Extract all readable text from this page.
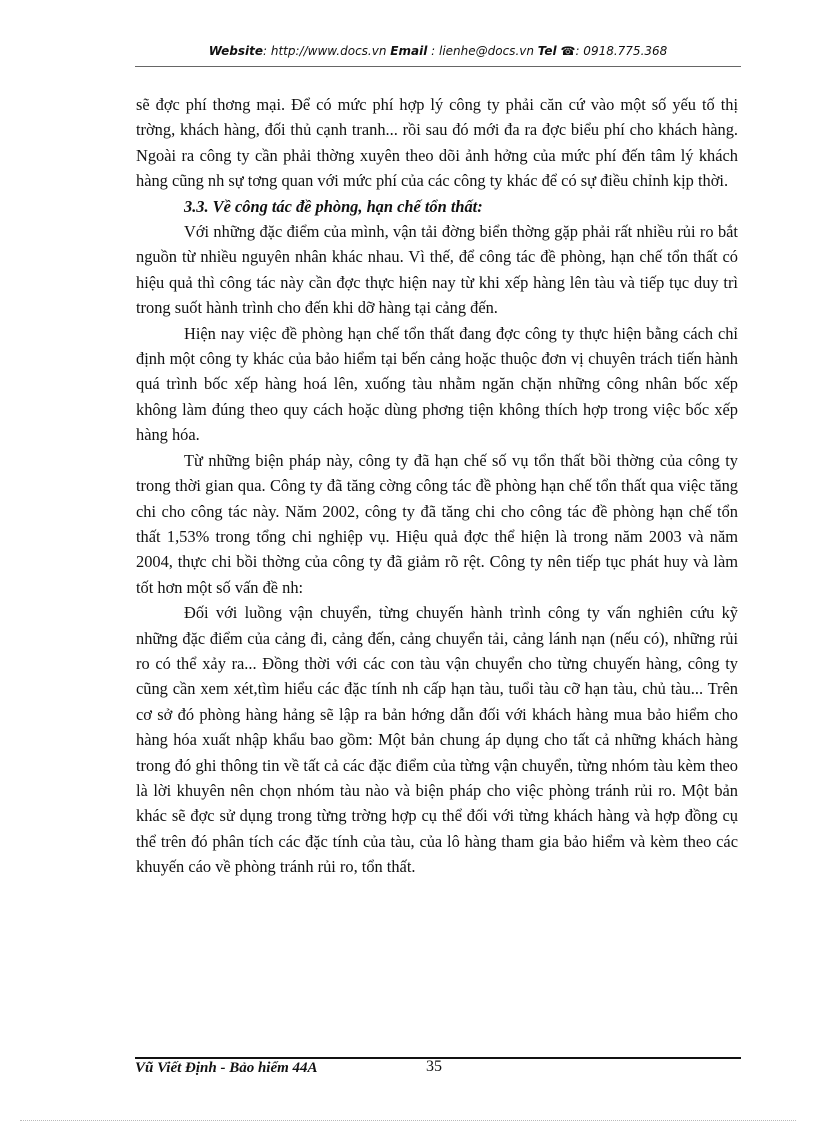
Website: http://www.docs.vn Email : lienhe@docs.vn Tel ☎: 0918.775.368

sẽ đợc phí thơng mại. Để có mức phí hợp lý công ty phải căn cứ vào một số yếu tố thị trờng, khách hàng, đối thủ cạnh tranh... rồi sau đó mới đa ra đợc biểu phí cho khách hàng. Ngoài ra công ty cần phải thờng xuyên theo dõi ảnh hởng của mức phí đến tâm lý khách hàng cũng nh sự tơng quan với mức phí của các công ty khác để có sự điều chỉnh kịp thời.

3.3. Về công tác đề phòng, hạn chế tổn thất:

Với những đặc điểm của mình, vận tải đờng biển thờng gặp phải rất nhiều rủi ro bắt nguồn từ nhiều nguyên nhân khác nhau. Vì thế, để công tác đề phòng, hạn chế tổn thất có hiệu quả thì công tác này cần đợc thực hiện nay từ khi xếp hàng lên tàu và tiếp tục duy trì trong suốt hành trình cho đến khi dỡ hàng tại cảng đến.

Hiện nay việc đề phòng hạn chế tổn thất đang đợc công ty thực hiện bằng cách chỉ định một công ty khác của bảo hiểm tại bến cảng hoặc thuộc đơn vị chuyên trách tiến hành quá trình bốc xếp hàng hoá lên, xuống tàu nhằm ngăn chặn những công nhân bốc xếp không làm đúng theo quy cách hoặc dùng phơng tiện không thích hợp trong việc bốc xếp hàng hóa.

Từ những biện pháp này, công ty đã hạn chế số vụ tổn thất bồi thờng của công ty trong thời gian qua. Công ty đã tăng cờng công tác đề phòng hạn chế tổn thất qua việc tăng chi cho công tác này. Năm 2002, công ty đã tăng chi cho công tác đề phòng hạn chế tổn thất 1,53% trong tổng chi nghiệp vụ. Hiệu quả đợc thể hiện là trong năm 2003 và năm 2004, thực chi bồi thờng của công ty đã giảm rõ rệt. Công ty nên tiếp tục phát huy và làm tốt hơn một số vấn đề nh:

Đối với luồng vận chuyển, từng chuyến hành trình công ty vấn nghiên cứu kỹ những đặc điểm của cảng đi, cảng đến, cảng chuyển tải, cảng lánh nạn (nếu có), những rủi ro có thể xảy ra... Đồng thời với các con tàu vận chuyển cho từng chuyến hàng, công ty cũng cần xem xét,tìm hiểu các đặc tính nh cấp hạn tàu, tuổi tàu cỡ hạn tàu, chủ tàu... Trên cơ sở đó phòng hàng hảng sẽ lập ra bản hớng dẫn đối với khách hàng mua bảo hiểm cho hàng hóa xuất nhập khẩu bao gồm: Một bản chung áp dụng cho tất cả những khách hàng trong đó ghi thông tin về tất cả các đặc điểm của từng vận chuyển, từng nhóm tàu kèm theo là lời khuyên nên chọn nhóm tàu nào và biện pháp cho việc phòng tránh rủi ro. Một bản khác sẽ đợc sử dụng trong từng trờng hợp cụ thể đối với từng khách hàng và hợp đồng cụ thể trên đó phân tích các đặc tính của tàu, của lô hàng tham gia bảo hiểm và kèm theo các khuyến cáo về phòng tránh rủi ro, tổn thất.

Vũ Viết Định - Bảo hiểm 44A	35
